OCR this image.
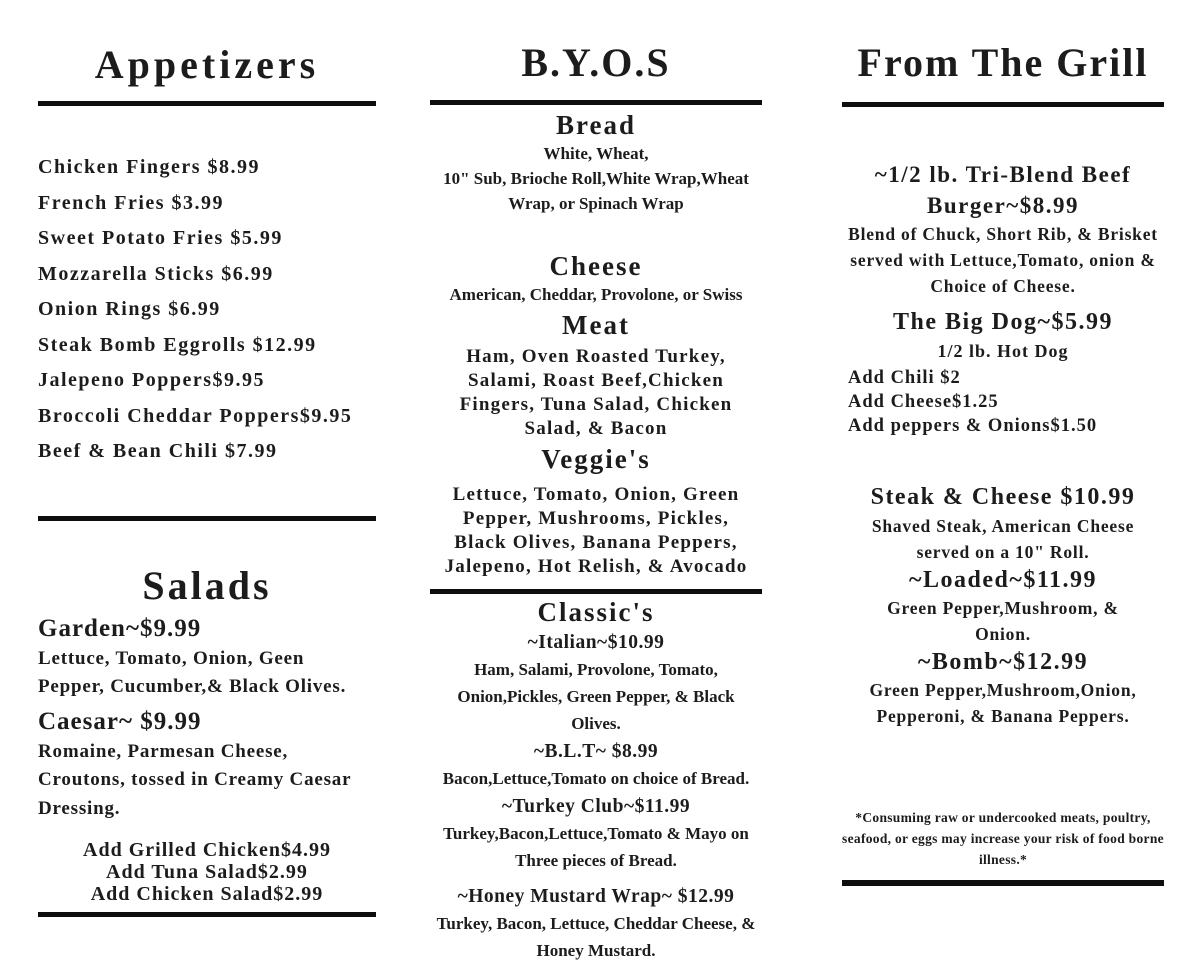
Appetizers
Chicken Fingers $8.99
French Fries $3.99
Sweet Potato Fries $5.99
Mozzarella Sticks $6.99
Onion Rings $6.99
Steak Bomb Eggrolls $12.99
Jalepeno Poppers$9.95
Broccoli Cheddar Poppers$9.95
Beef & Bean Chili $7.99
Salads
Garden~$9.99
Lettuce, Tomato, Onion, Geen
Pepper, Cucumber,& Black Olives.
Caesar~ $9.99
Romaine, Parmesan Cheese,
Croutons, tossed in Creamy Caesar
Dressing.
Add Grilled Chicken$4.99
Add Tuna Salad$2.99
Add Chicken Salad$2.99
B.Y.O.S
Bread
White, Wheat,
10" Sub, Brioche Roll,White Wrap,Wheat
Wrap, or Spinach Wrap
Cheese
American, Cheddar, Provolone, or Swiss
Meat
Ham, Oven Roasted Turkey,
Salami, Roast Beef,Chicken
Fingers, Tuna Salad, Chicken
Salad, & Bacon
Veggie's
Lettuce, Tomato, Onion, Green
Pepper, Mushrooms, Pickles,
Black Olives, Banana Peppers,
Jalepeno, Hot Relish, & Avocado
Classic's
~Italian~$10.99
Ham, Salami, Provolone, Tomato,
Onion,Pickles, Green Pepper, & Black
Olives.
~B.L.T~ $8.99
Bacon,Lettuce,Tomato on choice of Bread.
~Turkey Club~$11.99
Turkey,Bacon,Lettuce,Tomato & Mayo on
Three pieces of Bread.
~Honey Mustard Wrap~ $12.99
Turkey, Bacon, Lettuce, Cheddar Cheese, &
Honey Mustard.
From The Grill
~1/2 lb. Tri-Blend Beef
Burger~$8.99
Blend of Chuck, Short Rib, & Brisket
served with Lettuce,Tomato, onion &
Choice of Cheese.
The Big Dog~$5.99
1/2 lb. Hot Dog
Add Chili $2
Add Cheese$1.25
Add peppers & Onions$1.50
Steak & Cheese $10.99
Shaved Steak, American Cheese
served on a 10" Roll.
~Loaded~$11.99
Green Pepper,Mushroom, &
Onion.
~Bomb~$12.99
Green Pepper,Mushroom,Onion,
Pepperoni, & Banana Peppers.
*Consuming raw or undercooked meats, poultry,
seafood, or eggs may increase your risk of food borne
illness.*
